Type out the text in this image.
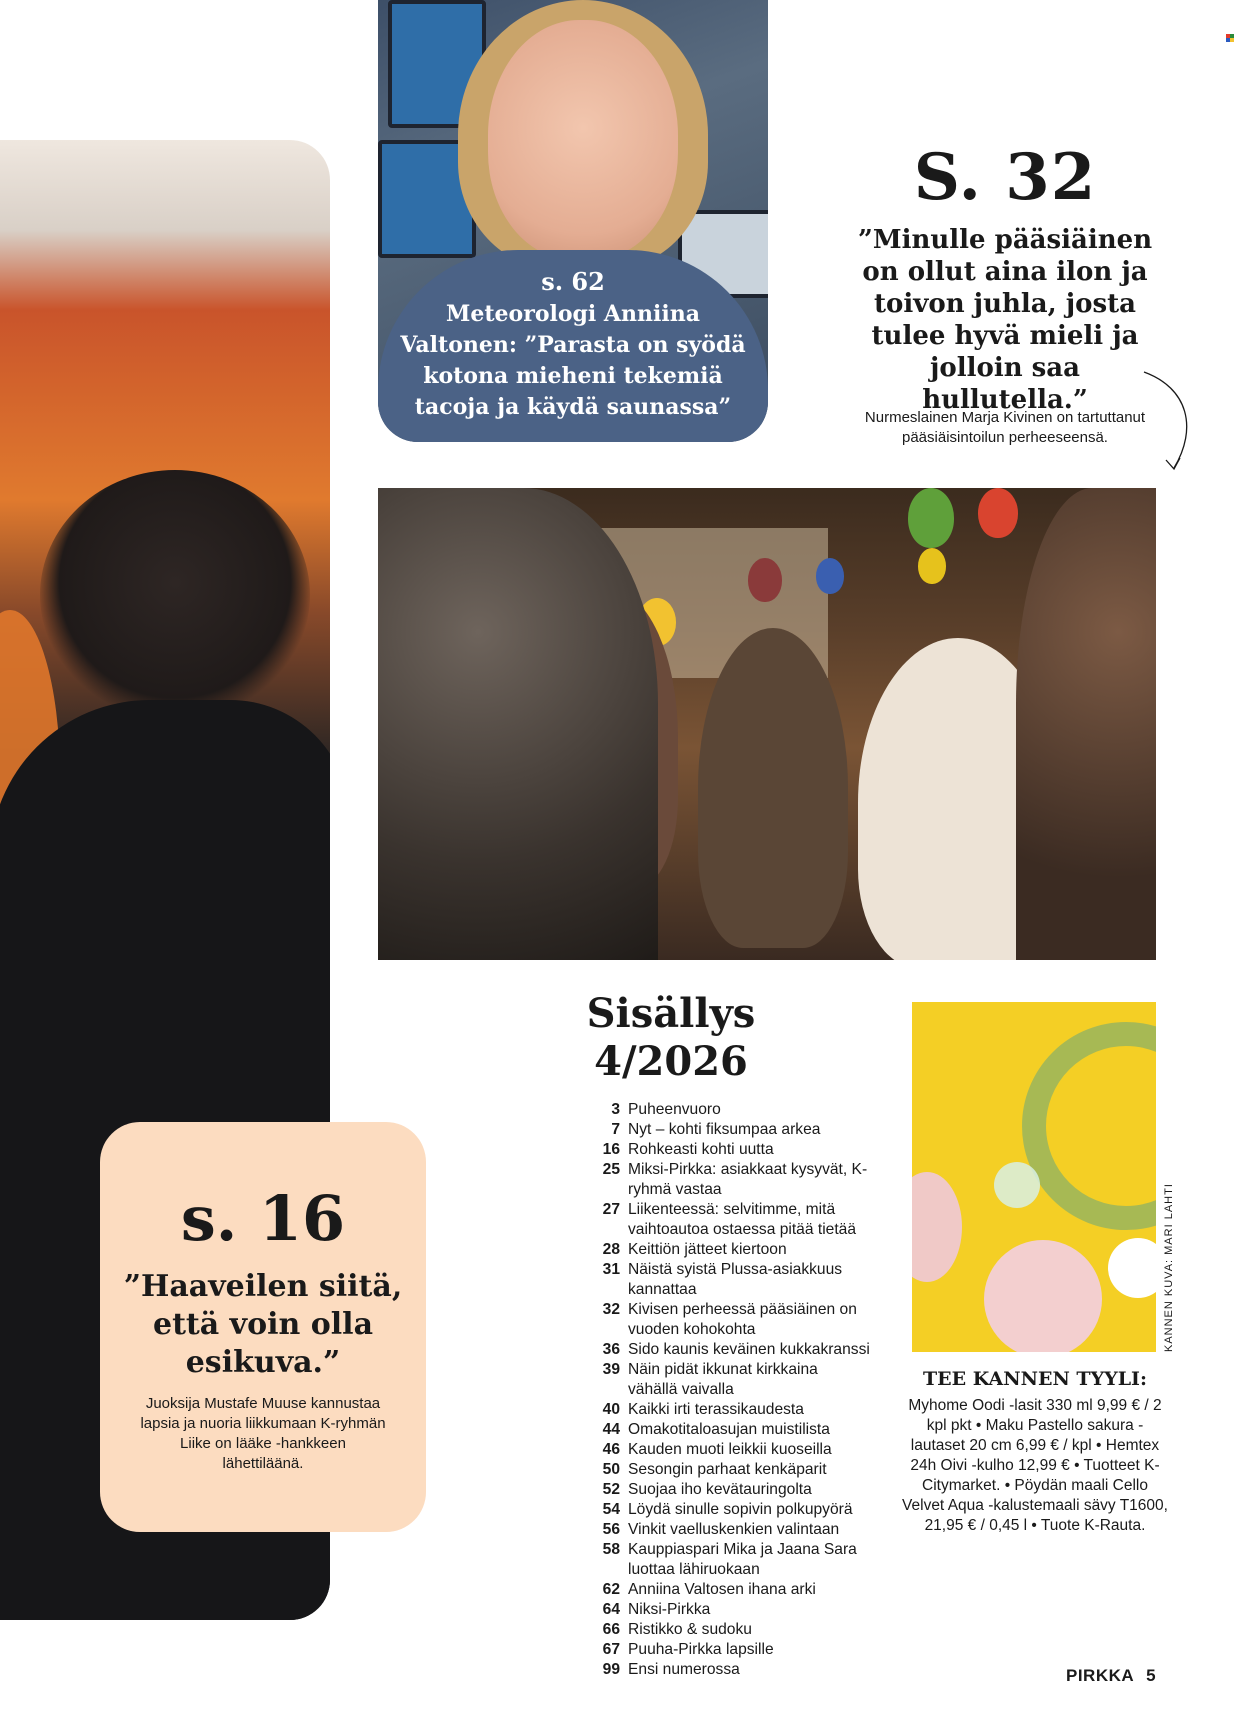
s. 62
Meteorologi Anniina Valtonen: ”Parasta on syödä kotona mieheni tekemiä tacoja ja käydä saunassa”
S. 32
”Minulle pääsiäinen on ollut aina ilon ja toivon juhla, josta tulee hyvä mieli ja jolloin saa hullutella.”
Nurmeslainen Marja Kivinen on tartuttanut pääsiäisintoilun perheeseensä.
Sisällys
4/2026
3 Puheenvuoro
7 Nyt – kohti fiksumpaa arkea
16 Rohkeasti kohti uutta
25 Miksi-Pirkka: asiakkaat kysyvät, K-ryhmä vastaa
27 Liikenteessä: selvitimme, mitä vaihtoautoa ostaessa pitää tietää
28 Keittiön jätteet kiertoon
31 Näistä syistä Plussa-asiakkuus kannattaa
32 Kivisen perheessä pääsiäinen on vuoden kohokohta
36 Sido kaunis keväinen kukkakranssi
39 Näin pidät ikkunat kirkkaina vähällä vaivalla
40 Kaikki irti terassikaudesta
44 Omakotitaloasujan muistilista
46 Kauden muoti leikkii kuoseilla
50 Sesongin parhaat kenkäparit
52 Suojaa iho kevätauringolta
54 Löydä sinulle sopivin polkupyörä
56 Vinkit vaelluskenkien valintaan
58 Kauppiaspari Mika ja Jaana Sara luottaa lähiruokaan
62 Anniina Valtosen ihana arki
64 Niksi-Pirkka
66 Ristikko & sudoku
67 Puuha-Pirkka lapsille
99 Ensi numerossa
KANNEN KUVA: MARI LAHTI
TEE KANNEN TYYLI:
Myhome Oodi -lasit 330 ml 9,99 € / 2 kpl pkt • Maku Pastello sakura -lautaset 20 cm 6,99 € / kpl • Hemtex 24h Oivi -kulho 12,99 € • Tuotteet K-Citymarket. • Pöydän maali Cello Velvet Aqua -kalustemaali sävy T1600, 21,95 € / 0,45 l • Tuote K-Rauta.
s. 16
”Haaveilen siitä, että voin olla esikuva.”
Juoksija Mustafe Muuse kannustaa lapsia ja nuoria liikkumaan K-ryhmän Liike on lääke -hankkeen lähettiläänä.
PIRKKA 5
